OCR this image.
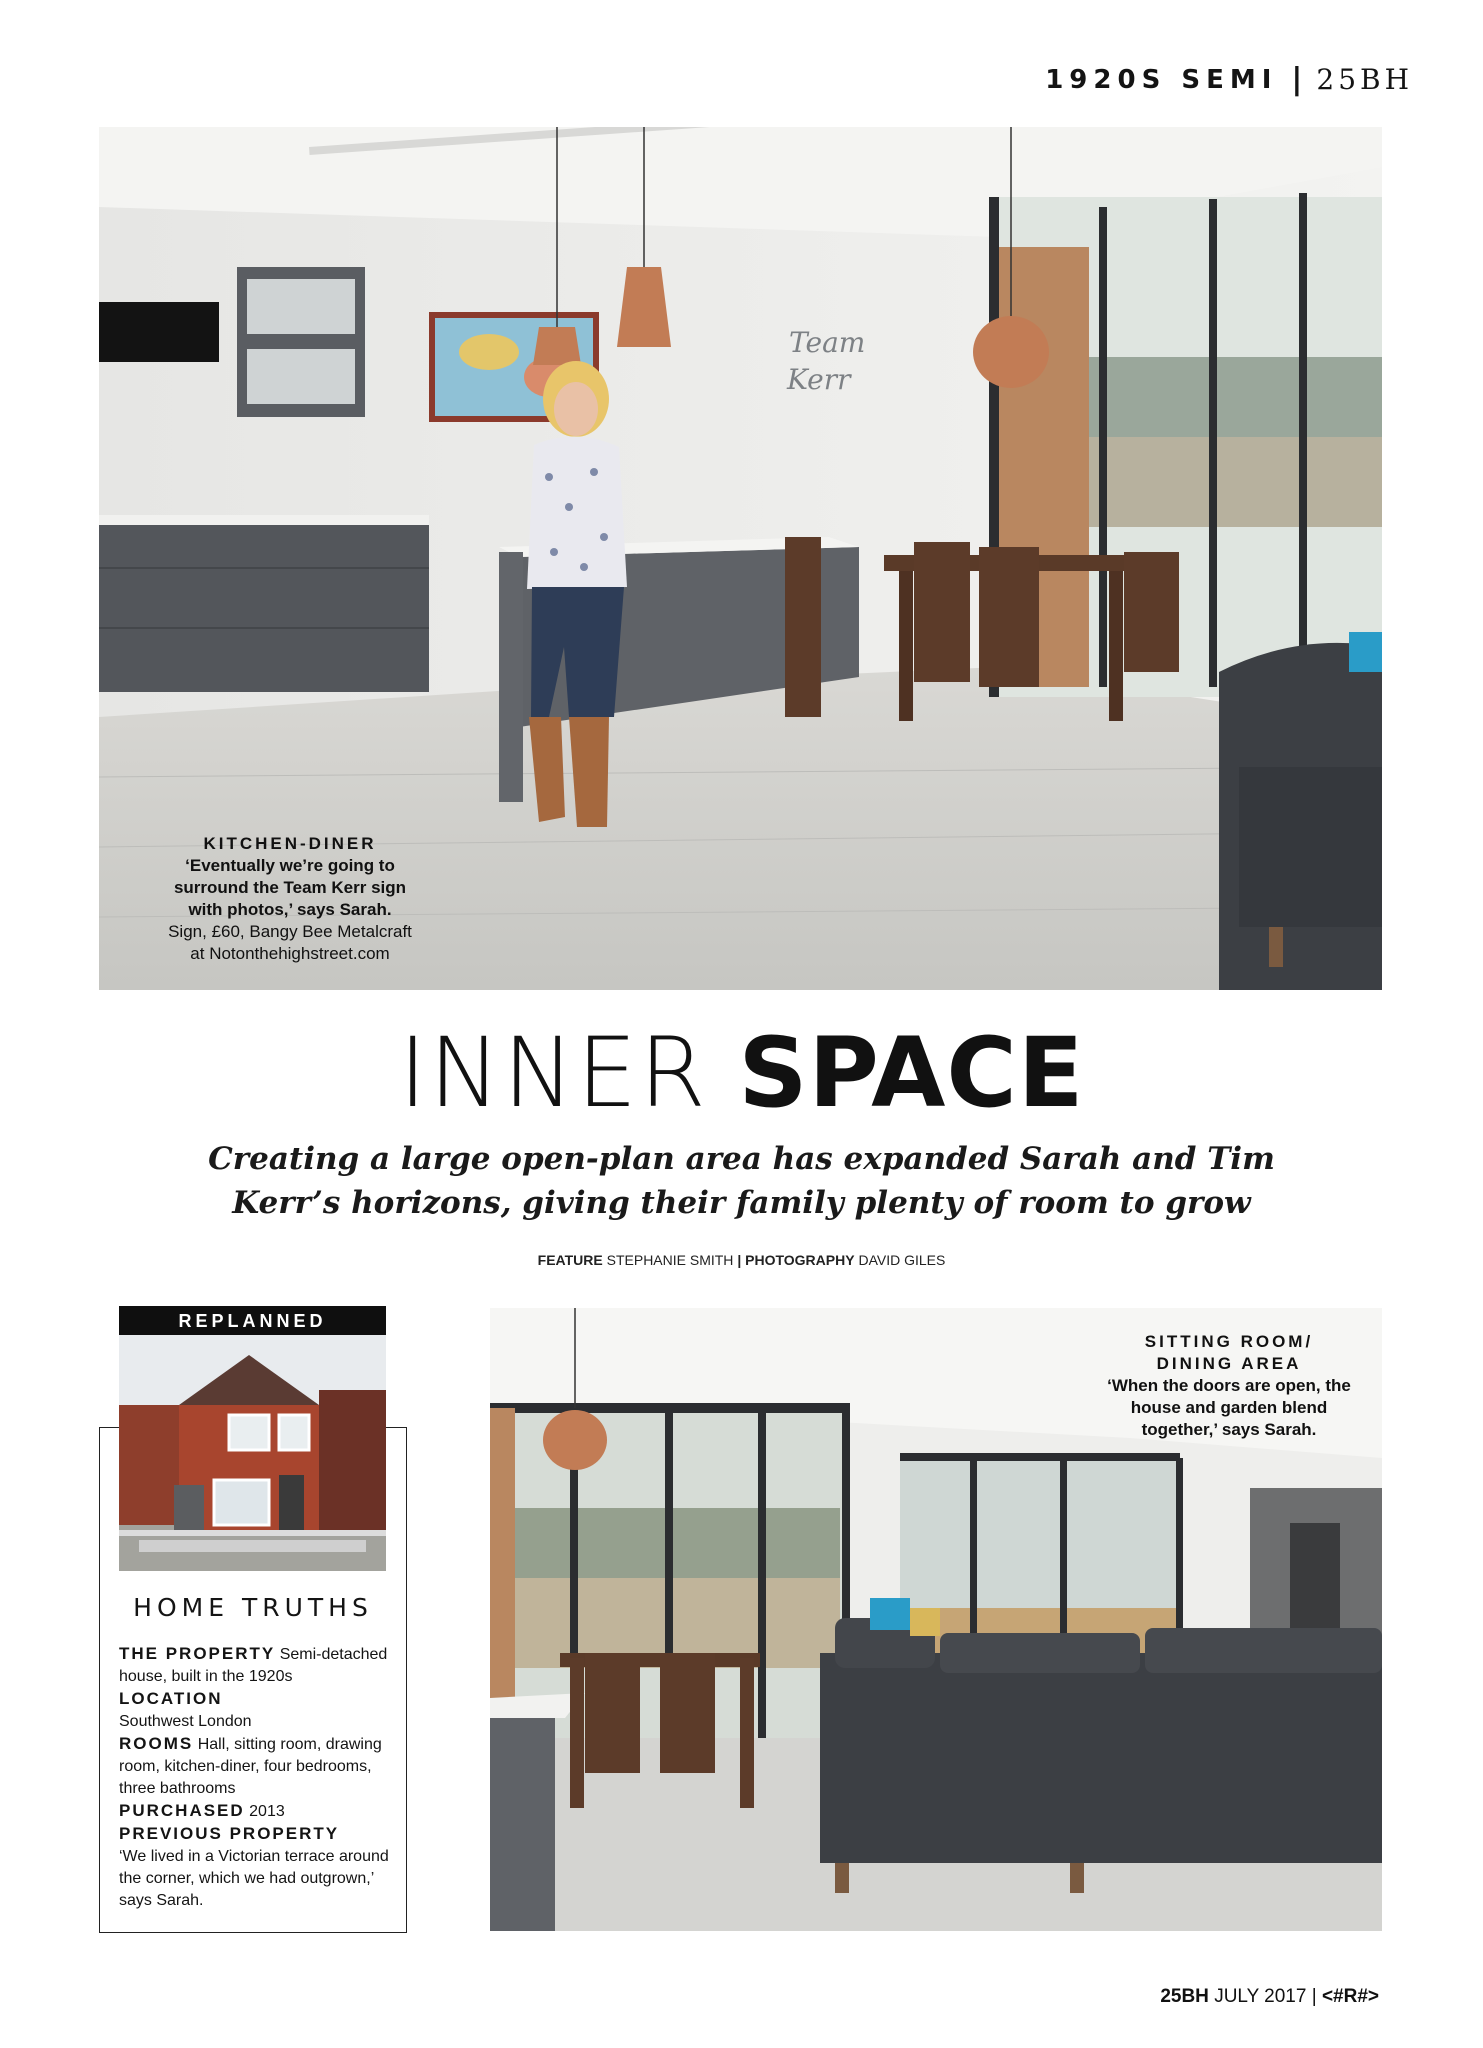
1920S SEMI | 25BH
Team
Kerr
KITCHEN-DINER
‘Eventually we’re going to surround the Team Kerr sign with photos,’ says Sarah.
Sign, £60, Bangy Bee Metalcraft at Notonthehighstreet.com
INNER SPACE
Creating a large open-plan area has expanded Sarah and Tim Kerr’s horizons, giving their family plenty of room to grow
FEATURE STEPHANIE SMITH | PHOTOGRAPHY DAVID GILES
REPLANNED
HOME TRUTHS
THE PROPERTY Semi-detached house, built in the 1920s
LOCATION
Southwest London
ROOMS Hall, sitting room, drawing room, kitchen-diner, four bedrooms, three bathrooms
PURCHASED 2013
PREVIOUS PROPERTY
‘We lived in a Victorian terrace around the corner, which we had outgrown,’ says Sarah.
SITTING ROOM/
DINING AREA
‘When the doors are open, the house and garden blend together,’ says Sarah.
25BH JULY 2017 | <#R#>
